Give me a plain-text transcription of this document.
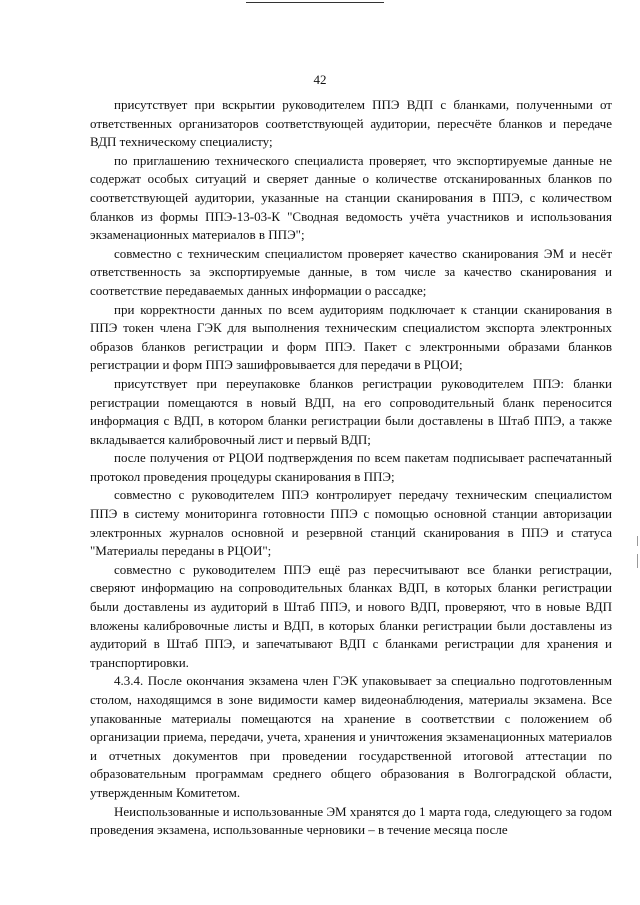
42

присутствует при вскрытии руководителем ППЭ ВДП с бланками, полученными от ответственных организаторов соответствующей аудитории, пересчёте бланков и передаче ВДП техническому специалисту;

по приглашению технического специалиста проверяет, что экспортируемые данные не содержат особых ситуаций и сверяет данные о количестве отсканированных бланков по соответствующей аудитории, указанные на станции сканирования в ППЭ, с количеством бланков из формы ППЭ-13-03-К "Сводная ведомость учёта участников и использования экзаменационных материалов в ППЭ";

совместно с техническим специалистом проверяет качество сканирования ЭМ и несёт ответственность за экспортируемые данные, в том числе за качество сканирования и соответствие передаваемых данных информации о рассадке;

при корректности данных по всем аудиториям подключает к станции сканирования в ППЭ токен члена ГЭК для выполнения техническим специалистом экспорта электронных образов бланков регистрации и форм ППЭ. Пакет с электронными образами бланков регистрации и форм ППЭ зашифровывается для передачи в РЦОИ;

присутствует при переупаковке бланков регистрации руководителем ППЭ: бланки регистрации помещаются в новый ВДП, на его сопроводительный бланк переносится информация с ВДП, в котором бланки регистрации были доставлены в Штаб ППЭ, а также вкладывается калибровочный лист и первый ВДП;

после получения от РЦОИ подтверждения по всем пакетам подписывает распечатанный протокол проведения процедуры сканирования в ППЭ;

совместно с руководителем ППЭ контролирует передачу техническим специалистом ППЭ в систему мониторинга готовности ППЭ с помощью основной станции авторизации электронных журналов основной и резервной станций сканирования в ППЭ и статуса "Материалы переданы в РЦОИ";

совместно с руководителем ППЭ ещё раз пересчитывают все бланки регистрации, сверяют информацию на сопроводительных бланках ВДП, в которых бланки регистрации были доставлены из аудиторий в Штаб ППЭ, и нового ВДП, проверяют, что в новые ВДП вложены калибровочные листы и ВДП, в которых бланки регистрации были доставлены из аудиторий в Штаб ППЭ, и запечатывают ВДП с бланками регистрации для хранения и транспортировки.

4.3.4. После окончания экзамена член ГЭК упаковывает за специально подготовленным столом, находящимся в зоне видимости камер видеонаблюдения, материалы экзамена. Все упакованные материалы помещаются на хранение в соответствии с положением об организации приема, передачи, учета, хранения и уничтожения экзаменационных материалов и отчетных документов при проведении государственной итоговой аттестации по образовательным программам среднего общего образования в Волгоградской области, утвержденным Комитетом.

Неиспользованные и использованные ЭМ хранятся до 1 марта года, следующего за годом проведения экзамена, использованные черновики – в течение месяца после
